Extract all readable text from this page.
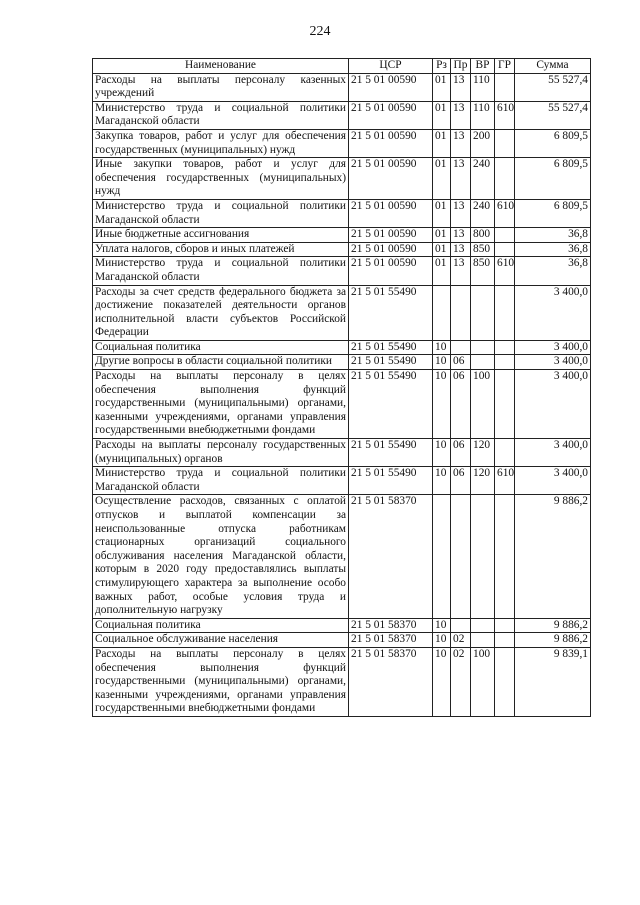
224
Наименование	ЦСР	Рз	Пр	ВР	ГР	Сумма
Расходы на выплаты персоналу казенных учреждений	21 5 01 00590	01	13	110		55 527,4
Министерство труда и социальной политики Магаданской области	21 5 01 00590	01	13	110	610	55 527,4
Закупка товаров, работ и услуг для обеспечения государственных (муниципальных) нужд	21 5 01 00590	01	13	200		6 809,5
Иные закупки товаров, работ и услуг для обеспечения государственных (муниципальных) нужд	21 5 01 00590	01	13	240		6 809,5
Министерство труда и социальной политики Магаданской области	21 5 01 00590	01	13	240	610	6 809,5
Иные бюджетные ассигнования	21 5 01 00590	01	13	800		36,8
Уплата налогов, сборов и иных платежей	21 5 01 00590	01	13	850		36,8
Министерство труда и социальной политики Магаданской области	21 5 01 00590	01	13	850	610	36,8
Расходы за счет средств федерального бюджета за достижение показателей деятельности органов исполнительной власти субъектов Российской Федерации	21 5 01 55490					3 400,0
Социальная политика	21 5 01 55490	10				3 400,0
Другие вопросы в области социальной политики	21 5 01 55490	10	06			3 400,0
Расходы на выплаты персоналу в целях обеспечения выполнения функций государственными (муниципальными) органами, казенными учреждениями, органами управления государственными внебюджетными фондами	21 5 01 55490	10	06	100		3 400,0
Расходы на выплаты персоналу государственных (муниципальных) органов	21 5 01 55490	10	06	120		3 400,0
Министерство труда и социальной политики Магаданской области	21 5 01 55490	10	06	120	610	3 400,0
Осуществление расходов, связанных с оплатой отпусков и выплатой компенсации за неиспользованные отпуска работникам стационарных организаций социального обслуживания населения Магаданской области, которым в 2020 году предоставлялись выплаты стимулирующего характера за выполнение особо важных работ, особые условия труда и дополнительную нагрузку	21 5 01 58370					9 886,2
Социальная политика	21 5 01 58370	10				9 886,2
Социальное обслуживание населения	21 5 01 58370	10	02			9 886,2
Расходы на выплаты персоналу в целях обеспечения выполнения функций государственными (муниципальными) органами, казенными учреждениями, органами управления государственными внебюджетными фондами	21 5 01 58370	10	02	100		9 839,1
